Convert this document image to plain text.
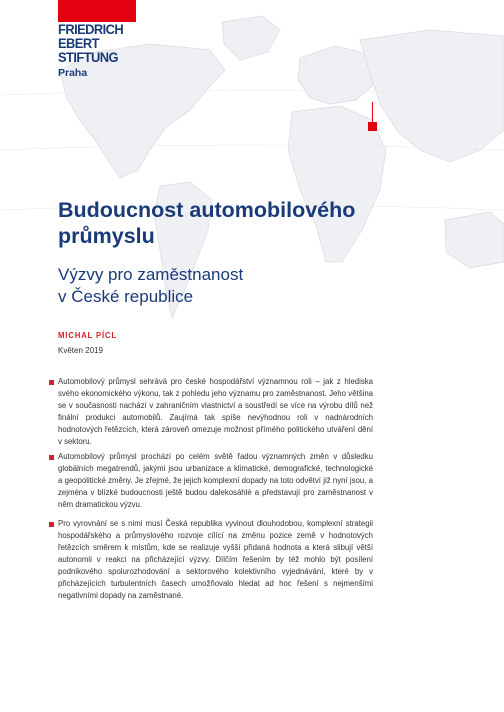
FRIEDRICH
EBERT
STIFTUNG
Praha
Budoucnost automobilového průmyslu
Výzvy pro zaměstnanost
v České republice
MICHAL PÍCL
Květen 2019

Automobilový průmysl sehrává pro české hospodářství významnou roli – jak z hlediska svého ekonomického výkonu, tak z pohledu jeho významu pro zaměstnanost. Jeho většina se v současnosti nachází v zahraničním vlastnictví a soustředí se více na výrobu dílů než finální produkci automobilů. Zaujímá tak spíše nevýhodnou roli v nadnárodních hodnotových řetězcích, která zároveň omezuje možnost přímého politického utváření dění v sektoru.

Automobilový průmysl prochází po celém světě řadou významných změn v důsledku globálních megatrendů, jakými jsou urbanizace a klimatické, demografické, technologické a geopolitické změny. Je zřejmé, že jejich komplexní dopady na toto odvětví již nyní jsou, a zejména v blízké budoucnosti ještě budou dalekosáhlé a představují pro zaměstnanost v něm dramatickou výzvu.

Pro vyrovnání se s nimi musí Česká republika vyvinout dlouhodobou, komplexní strategii hospodářského a průmyslového rozvoje cílící na změnu pozice země v hodnotových řetězcích směrem k místům, kde se realizuje vyšší přidaná hodnota a která slibují větší autonomii v reakci na přicházející výzvy. Dílčím řešením by též mohlo být posílení podnikového spolurozhodování a sektorového kolektivního vyjednávání, které by v přicházejících turbulentních časech umožňovalo hledat ad hoc řešení s nejmenšími negativními dopady na zaměstnané.
